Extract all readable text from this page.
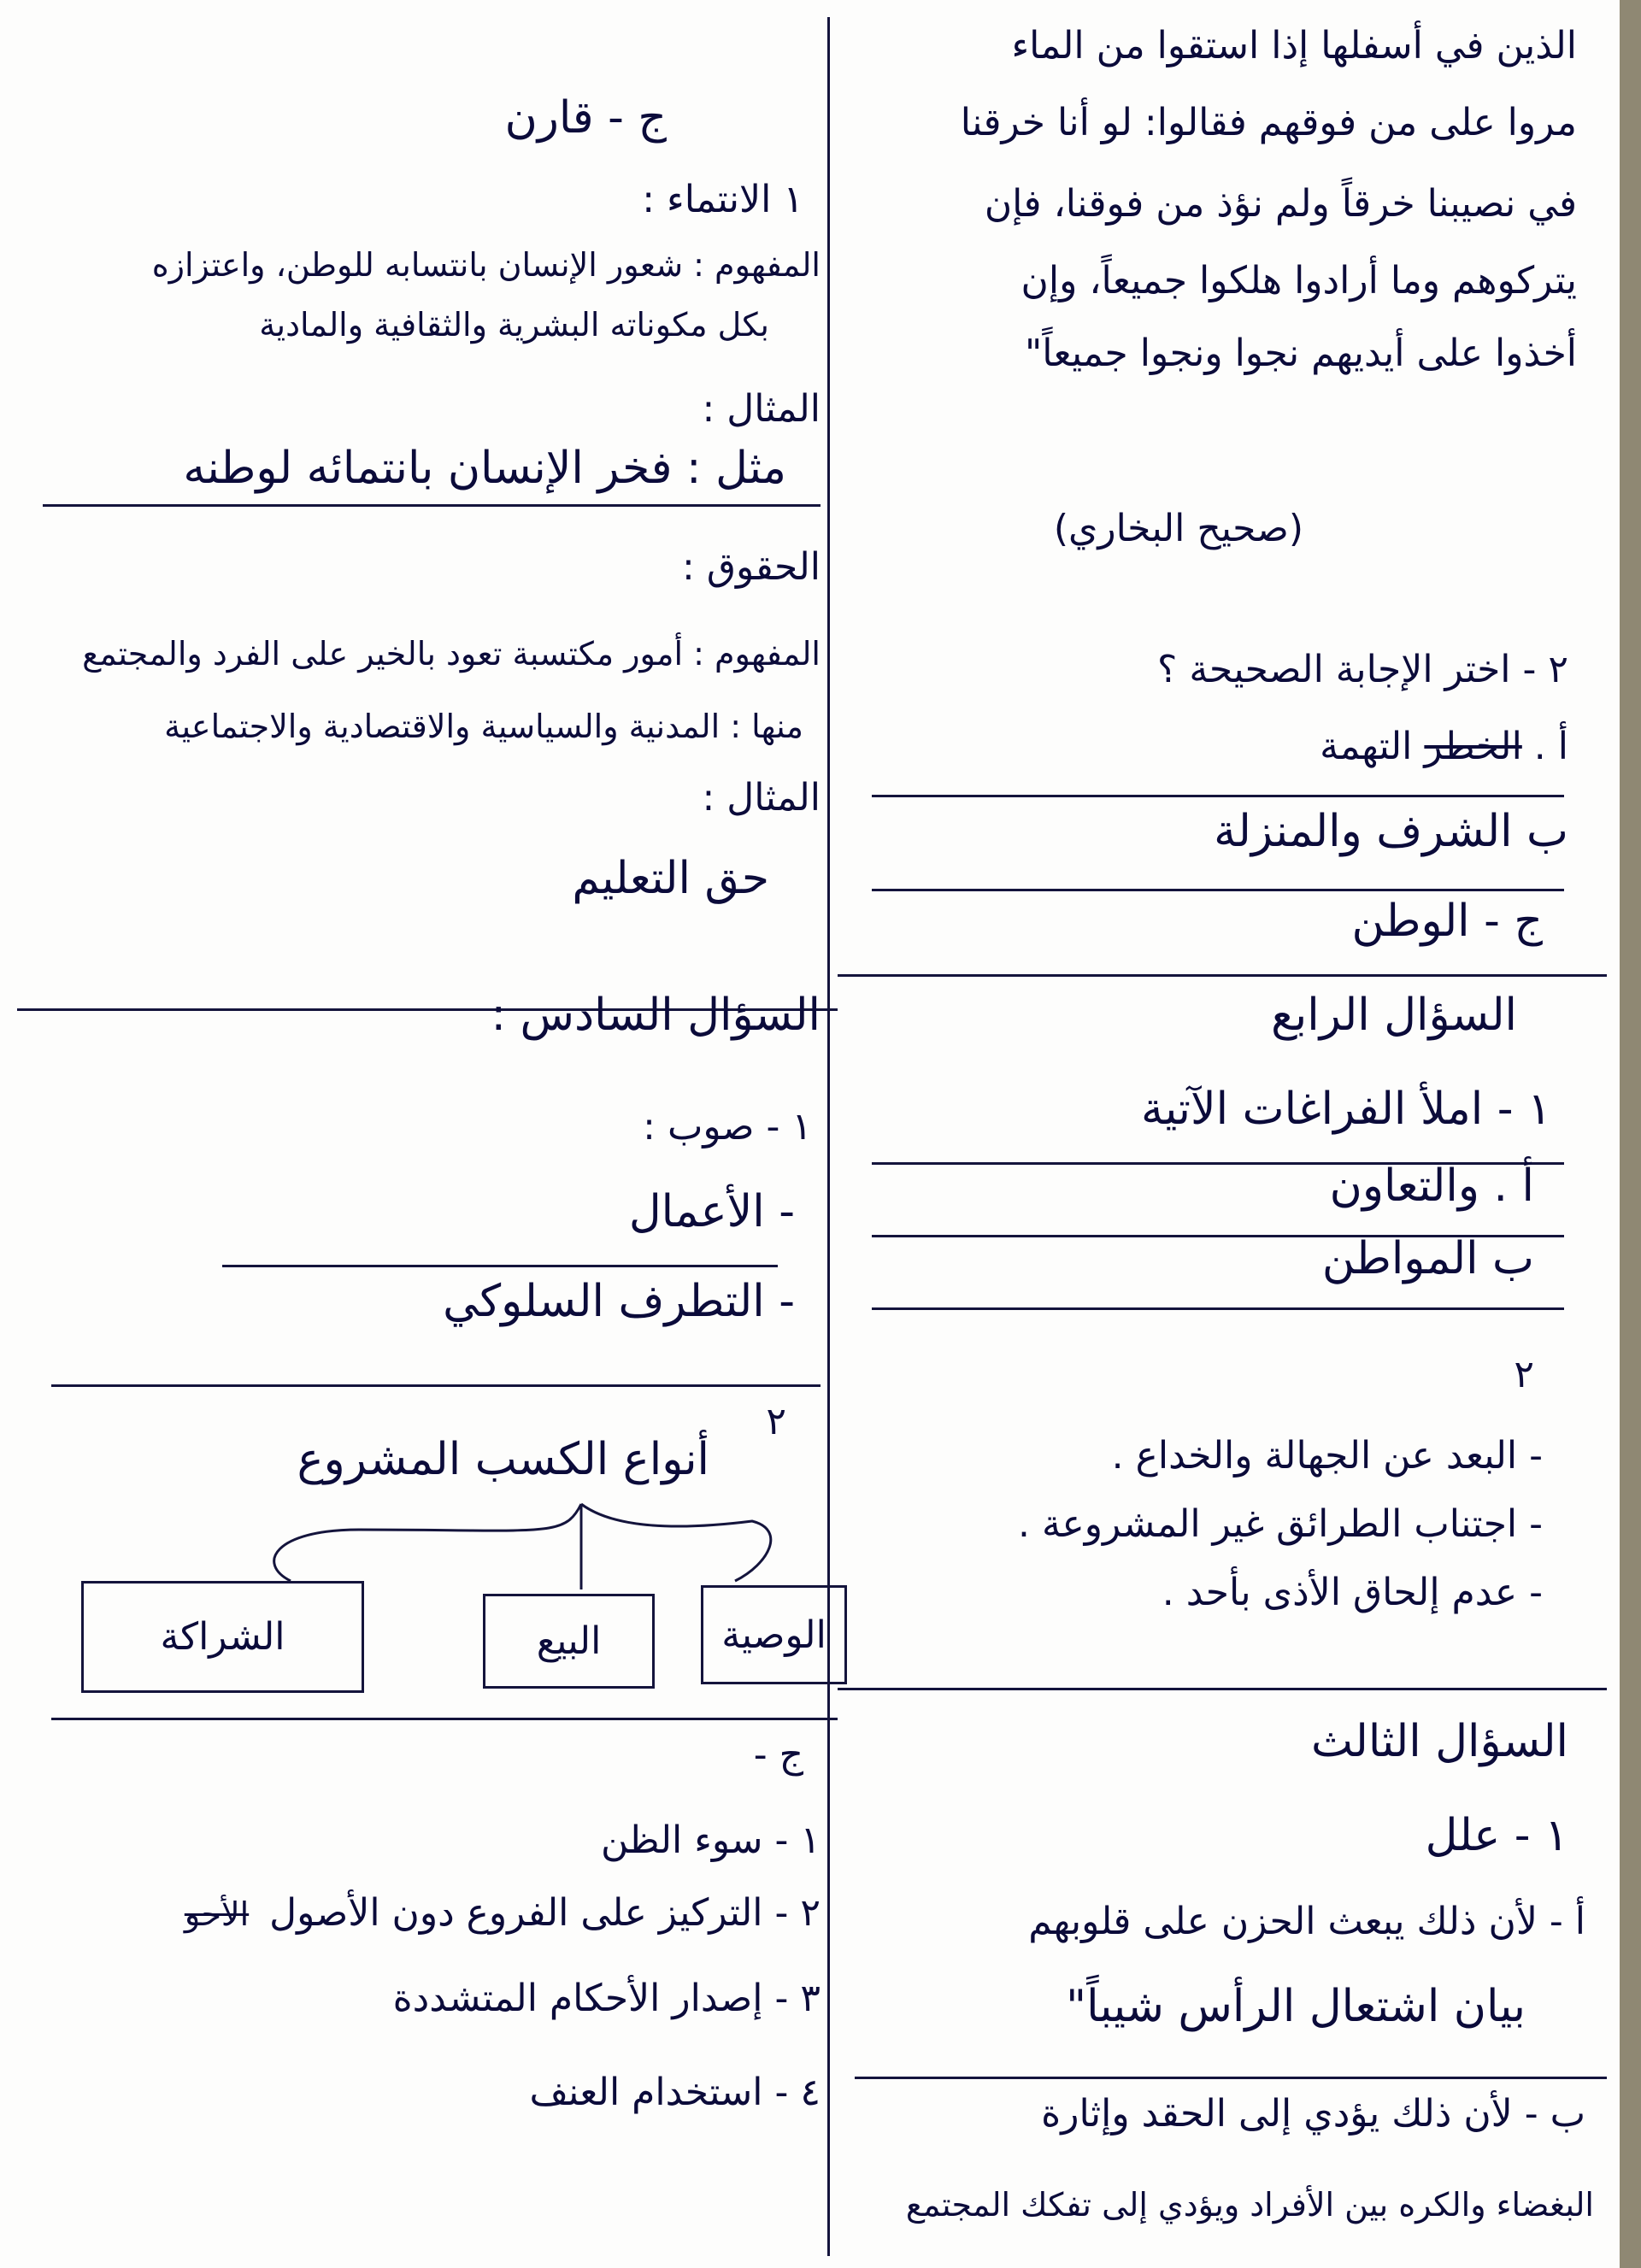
الذين في أسفلها إذا استقوا من الماء
مروا على من فوقهم فقالوا: لو أنا خرقنا
في نصيبنا خرقاً ولم نؤذ من فوقنا، فإن
يتركوهم وما أرادوا هلكوا جميعاً، وإن
أخذوا على أيديهم نجوا ونجوا جميعاً"
(صحيح البخاري)
٢ - اختر الإجابة الصحيحة ؟
أ . الخطر التهمة
ب الشرف والمنزلة
ج - الوطن
السؤال الرابع
١ - املأ الفراغات الآتية
أ . والتعاون
ب المواطن
٢
- البعد عن الجهالة والخداع .
- اجتناب الطرائق غير المشروعة .
- عدم إلحاق الأذى بأحد .
السؤال الثالث
١ - علل
أ - لأن ذلك يبعث الحزن على قلوبهم
بيان اشتعال الرأس شيباً"
ب - لأن ذلك يؤدي إلى الحقد وإثارة
البغضاء والكره بين الأفراد ويؤدي إلى تفكك المجتمع
ج - قارن
١ الانتماء :
المفهوم : شعور الإنسان بانتسابه للوطن، واعتزازه
بكل مكوناته البشرية والثقافية والمادية
المثال :
مثل : فخر الإنسان بانتمائه لوطنه
الحقوق :
المفهوم : أمور مكتسبة تعود بالخير على الفرد والمجتمع
منها : المدنية والسياسية والاقتصادية والاجتماعية
المثال :
حق التعليم
السؤال السادس :
١ - صوب :
- الأعمال
- التطرف السلوكي
٢
أنواع الكسب المشروع
الوصية
البيع
الشراكة
ج -
١ - سوء الظن
٢ - التركيز على الفروع دون الأصول الأحو
٣ - إصدار الأحكام المتشددة
٤ - استخدام العنف
